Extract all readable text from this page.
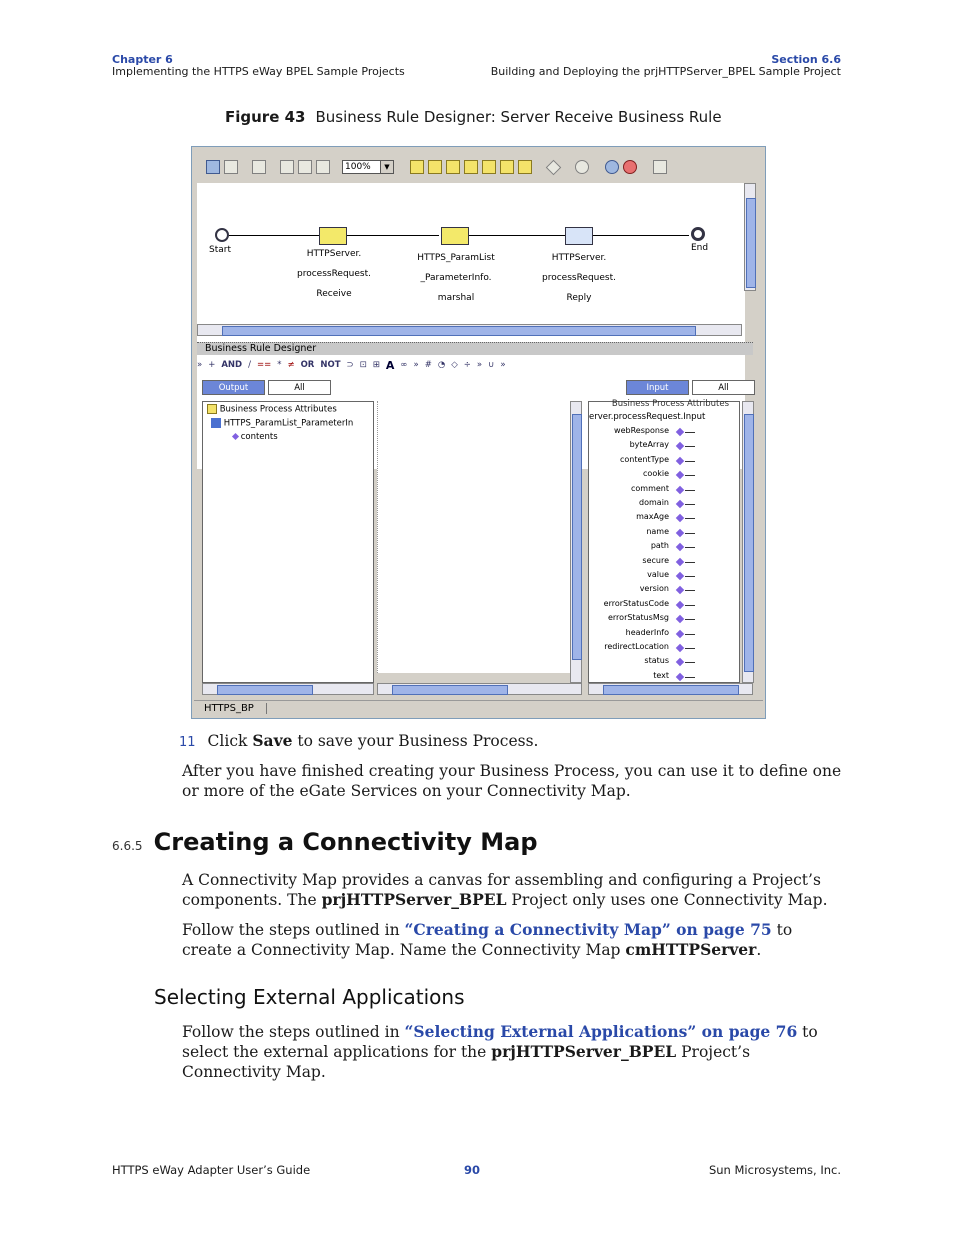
Chapter 6
Implementing the HTTPS eWay BPEL Sample Projects
Section 6.6
Building and Deploying the prjHTTPServer_BPEL Sample Project
Figure 43 Business Rule Designer: Server Receive Business Rule
100%	▼
Start	HTTPServer.
processRequest.
Receive
HTTPS_ParamList
_ParameterInfo.
marshal
HTTPServer.
processRequest.
Reply
End
Business Rule Designer
» + AND / == * ≠ OR NOT ⊃ ⊡ ⊞ A ∞ » # ◔ ◇ ÷ » ∪ »
Output	All	Input	All
Business Process Attributes
HTTPS_ParamList_ParameterIn
contents
Business Process Attributes
erver.processRequest.Input
webResponse
byteArray
contentType
cookie
comment
domain
maxAge
name
path
secure
value
version
errorStatusCode
errorStatusMsg
headerInfo
redirectLocation
status
text
HTTPS_BP
11 Click Save to save your Business Process.
After you have finished creating your Business Process, you can use it to define one or more of the eGate Services on your Connectivity Map.
6.6.5 Creating a Connectivity Map
A Connectivity Map provides a canvas for assembling and configuring a Project’s components. The prjHTTPServer_BPEL Project only uses one Connectivity Map.
Follow the steps outlined in “Creating a Connectivity Map” on page 75 to create a Connectivity Map. Name the Connectivity Map cmHTTPServer.
Selecting External Applications
Follow the steps outlined in “Selecting External Applications” on page 76 to select the external applications for the prjHTTPServer_BPEL Project’s Connectivity Map.
HTTPS eWay Adapter User’s Guide	90	Sun Microsystems, Inc.
